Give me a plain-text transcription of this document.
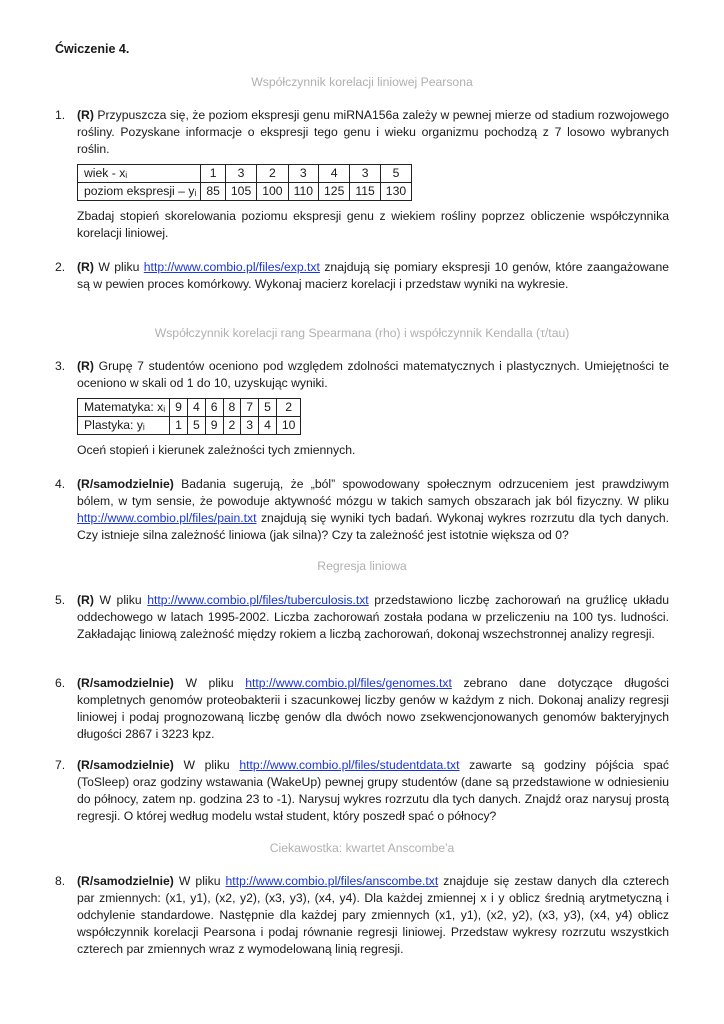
Ćwiczenie 4.
Współczynnik korelacji liniowej Pearsona
1. (R) Przypuszcza się, że poziom ekspresji genu miRNA156a zależy w pewnej mierze od stadium rozwojowego rośliny. Pozyskane informacje o ekspresji tego genu i wieku organizmu pochodzą z 7 losowo wybranych roślin.

wiek - xᵢ	1	3	2	3	4	3	5
poziom ekspresji – yᵢ	85	105	100	110	125	115	130

Zbadaj stopień skorelowania poziomu ekspresji genu z wiekiem rośliny poprzez obliczenie współczynnika korelacji liniowej.

2. (R) W pliku http://www.combio.pl/files/exp.txt znajdują się pomiary ekspresji 10 genów, które zaangażowane są w pewien proces komórkowy. Wykonaj macierz korelacji i przedstaw wyniki na wykresie.

Współczynnik korelacji rang Spearmana (rho) i współczynnik Kendalla (τ/tau)
3. (R) Grupę 7 studentów oceniono pod względem zdolności matematycznych i plastycznych. Umiejętności te oceniono w skali od 1 do 10, uzyskując wyniki.

Matematyka: xᵢ	9	4	6	8	7	5	2
Plastyka: yᵢ	1	5	9	2	3	4	10

Oceń stopień i kierunek zależności tych zmiennych.

4. (R/samodzielnie) Badania sugerują, że „ból” spowodowany społecznym odrzuceniem jest prawdziwym bólem, w tym sensie, że powoduje aktywność mózgu w takich samych obszarach jak ból fizyczny. W pliku http://www.combio.pl/files/pain.txt znajdują się wyniki tych badań. Wykonaj wykres rozrzutu dla tych danych. Czy istnieje silna zależność liniowa (jak silna)? Czy ta zależność jest istotnie większa od 0?

Regresja liniowa
5. (R) W pliku http://www.combio.pl/files/tuberculosis.txt przedstawiono liczbę zachorowań na gruźlicę układu oddechowego w latach 1995-2002. Liczba zachorowań została podana w przeliczeniu na 100 tys. ludności. Zakładając liniową zależność między rokiem a liczbą zachorowań, dokonaj wszechstronnej analizy regresji.

6. (R/samodzielnie) W pliku http://www.combio.pl/files/genomes.txt zebrano dane dotyczące długości kompletnych genomów proteobakterii i szacunkowej liczby genów w każdym z nich. Dokonaj analizy regresji liniowej i podaj prognozowaną liczbę genów dla dwóch nowo zsekwencjonowanych genomów bakteryjnych długości 2867 i 3223 kpz.

7. (R/samodzielnie) W pliku http://www.combio.pl/files/studentdata.txt zawarte są godziny pójścia spać (ToSleep) oraz godziny wstawania (WakeUp) pewnej grupy studentów (dane są przedstawione w odniesieniu do północy, zatem np. godzina 23 to -1). Narysuj wykres rozrzutu dla tych danych. Znajdź oraz narysuj prostą regresji. O której według modelu wstał student, który poszedł spać o północy?

Ciekawostka: kwartet Anscombe'a
8. (R/samodzielnie) W pliku http://www.combio.pl/files/anscombe.txt znajduje się zestaw danych dla czterech par zmiennych: (x1, y1), (x2, y2), (x3, y3), (x4, y4). Dla każdej zmiennej x i y oblicz średnią arytmetyczną i odchylenie standardowe. Następnie dla każdej pary zmiennych (x1, y1), (x2, y2), (x3, y3), (x4, y4) oblicz współczynnik korelacji Pearsona i podaj równanie regresji liniowej. Przedstaw wykresy rozrzutu wszystkich czterech par zmiennych wraz z wymodelowaną linią regresji.
